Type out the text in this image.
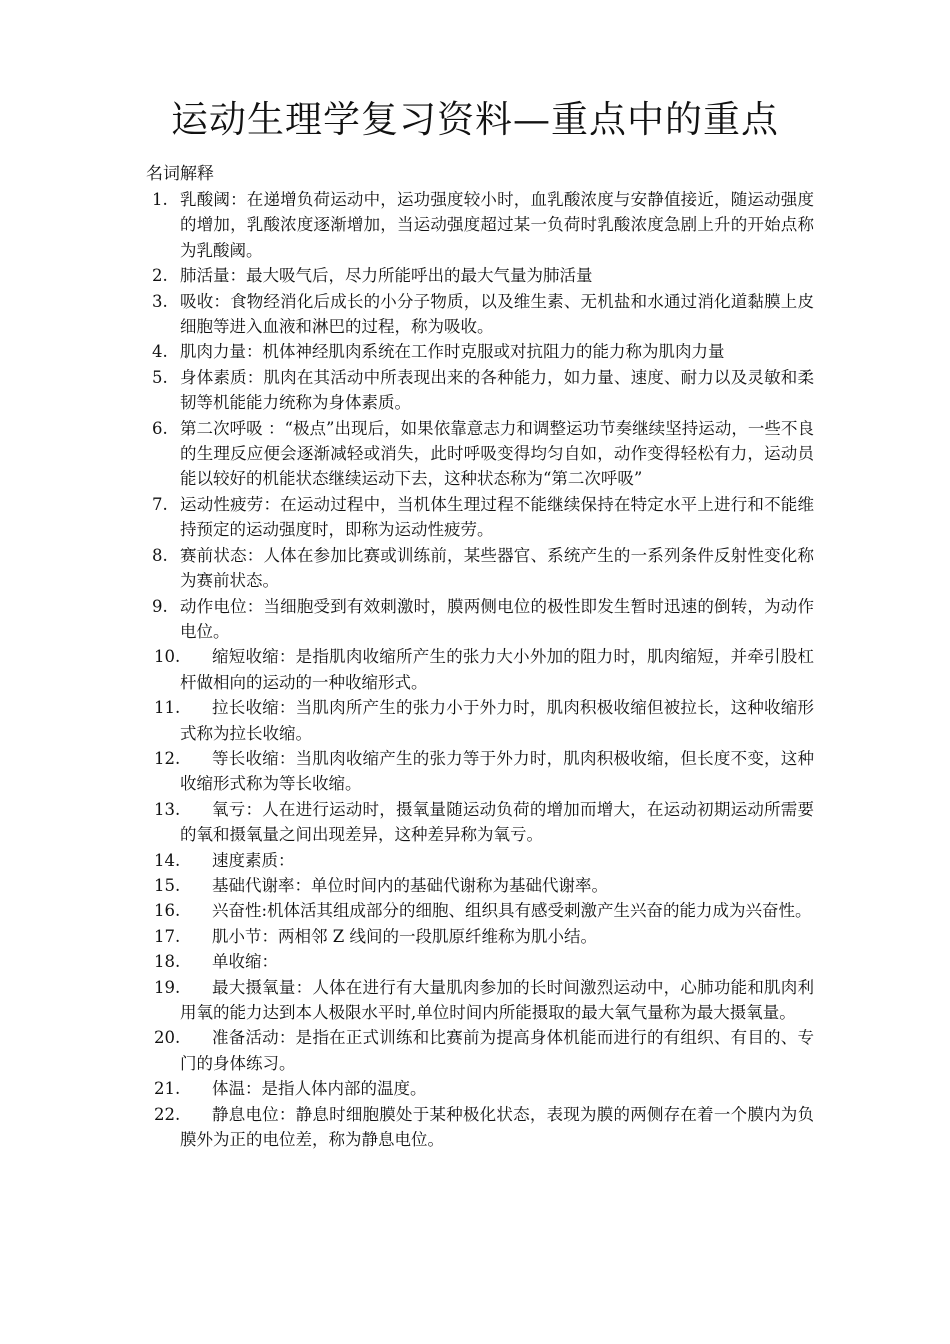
运动生理学复习资料—重点中的重点

名词解释

1. 乳酸阈：在递增负荷运动中，运功强度较小时，血乳酸浓度与安静值接近，随运动强度的增加，乳酸浓度逐渐增加，当运动强度超过某一负荷时乳酸浓度急剧上升的开始点称为乳酸阈。
2. 肺活量：最大吸气后，尽力所能呼出的最大气量为肺活量
3. 吸收：食物经消化后成长的小分子物质，以及维生素、无机盐和水通过消化道黏膜上皮细胞等进入血液和淋巴的过程，称为吸收。
4. 肌肉力量：机体神经肌肉系统在工作时克服或对抗阻力的能力称为肌肉力量
5. 身体素质：肌肉在其活动中所表现出来的各种能力，如力量、速度、耐力以及灵敏和柔韧等机能能力统称为身体素质。
6. 第二次呼吸 ：“极点”出现后，如果依靠意志力和调整运功节奏继续坚持运动，一些不良的生理反应便会逐渐减轻或消失，此时呼吸变得均匀自如，动作变得轻松有力，运动员能以较好的机能状态继续运动下去，这种状态称为“第二次呼吸”
7. 运动性疲劳：在运动过程中，当机体生理过程不能继续保持在特定水平上进行和不能维持预定的运动强度时，即称为运动性疲劳。
8. 赛前状态：人体在参加比赛或训练前，某些器官、系统产生的一系列条件反射性变化称为赛前状态。
9. 动作电位：当细胞受到有效刺激时，膜两侧电位的极性即发生暂时迅速的倒转，为动作电位。
10.	缩短收缩：是指肌肉收缩所产生的张力大小外加的阻力时，肌肉缩短，并牵引股杠杆做相向的运动的一种收缩形式。
11.	拉长收缩：当肌肉所产生的张力小于外力时，肌肉积极收缩但被拉长，这种收缩形式称为拉长收缩。
12.	等长收缩：当肌肉收缩产生的张力等于外力时，肌肉积极收缩，但长度不变，这种收缩形式称为等长收缩。
13.	氧亏：人在进行运动时，摄氧量随运动负荷的增加而增大，在运动初期运动所需要的氧和摄氧量之间出现差异，这种差异称为氧亏。
14.	速度素质：
15.	基础代谢率：单位时间内的基础代谢称为基础代谢率。
16.	兴奋性:机体活其组成部分的细胞、组织具有感受刺激产生兴奋的能力成为兴奋性。
17.	肌小节：两相邻 Z 线间的一段肌原纤维称为肌小结。
18.	单收缩：
19.	最大摄氧量：人体在进行有大量肌肉参加的长时间激烈运动中，心肺功能和肌肉利用氧的能力达到本人极限水平时,单位时间内所能摄取的最大氧气量称为最大摄氧量。
20.	准备活动：是指在正式训练和比赛前为提高身体机能而进行的有组织、有目的、专门的身体练习。
21.	体温：是指人体内部的温度。
22.	静息电位：静息时细胞膜处于某种极化状态，表现为膜的两侧存在着一个膜内为负膜外为正的电位差，称为静息电位。
